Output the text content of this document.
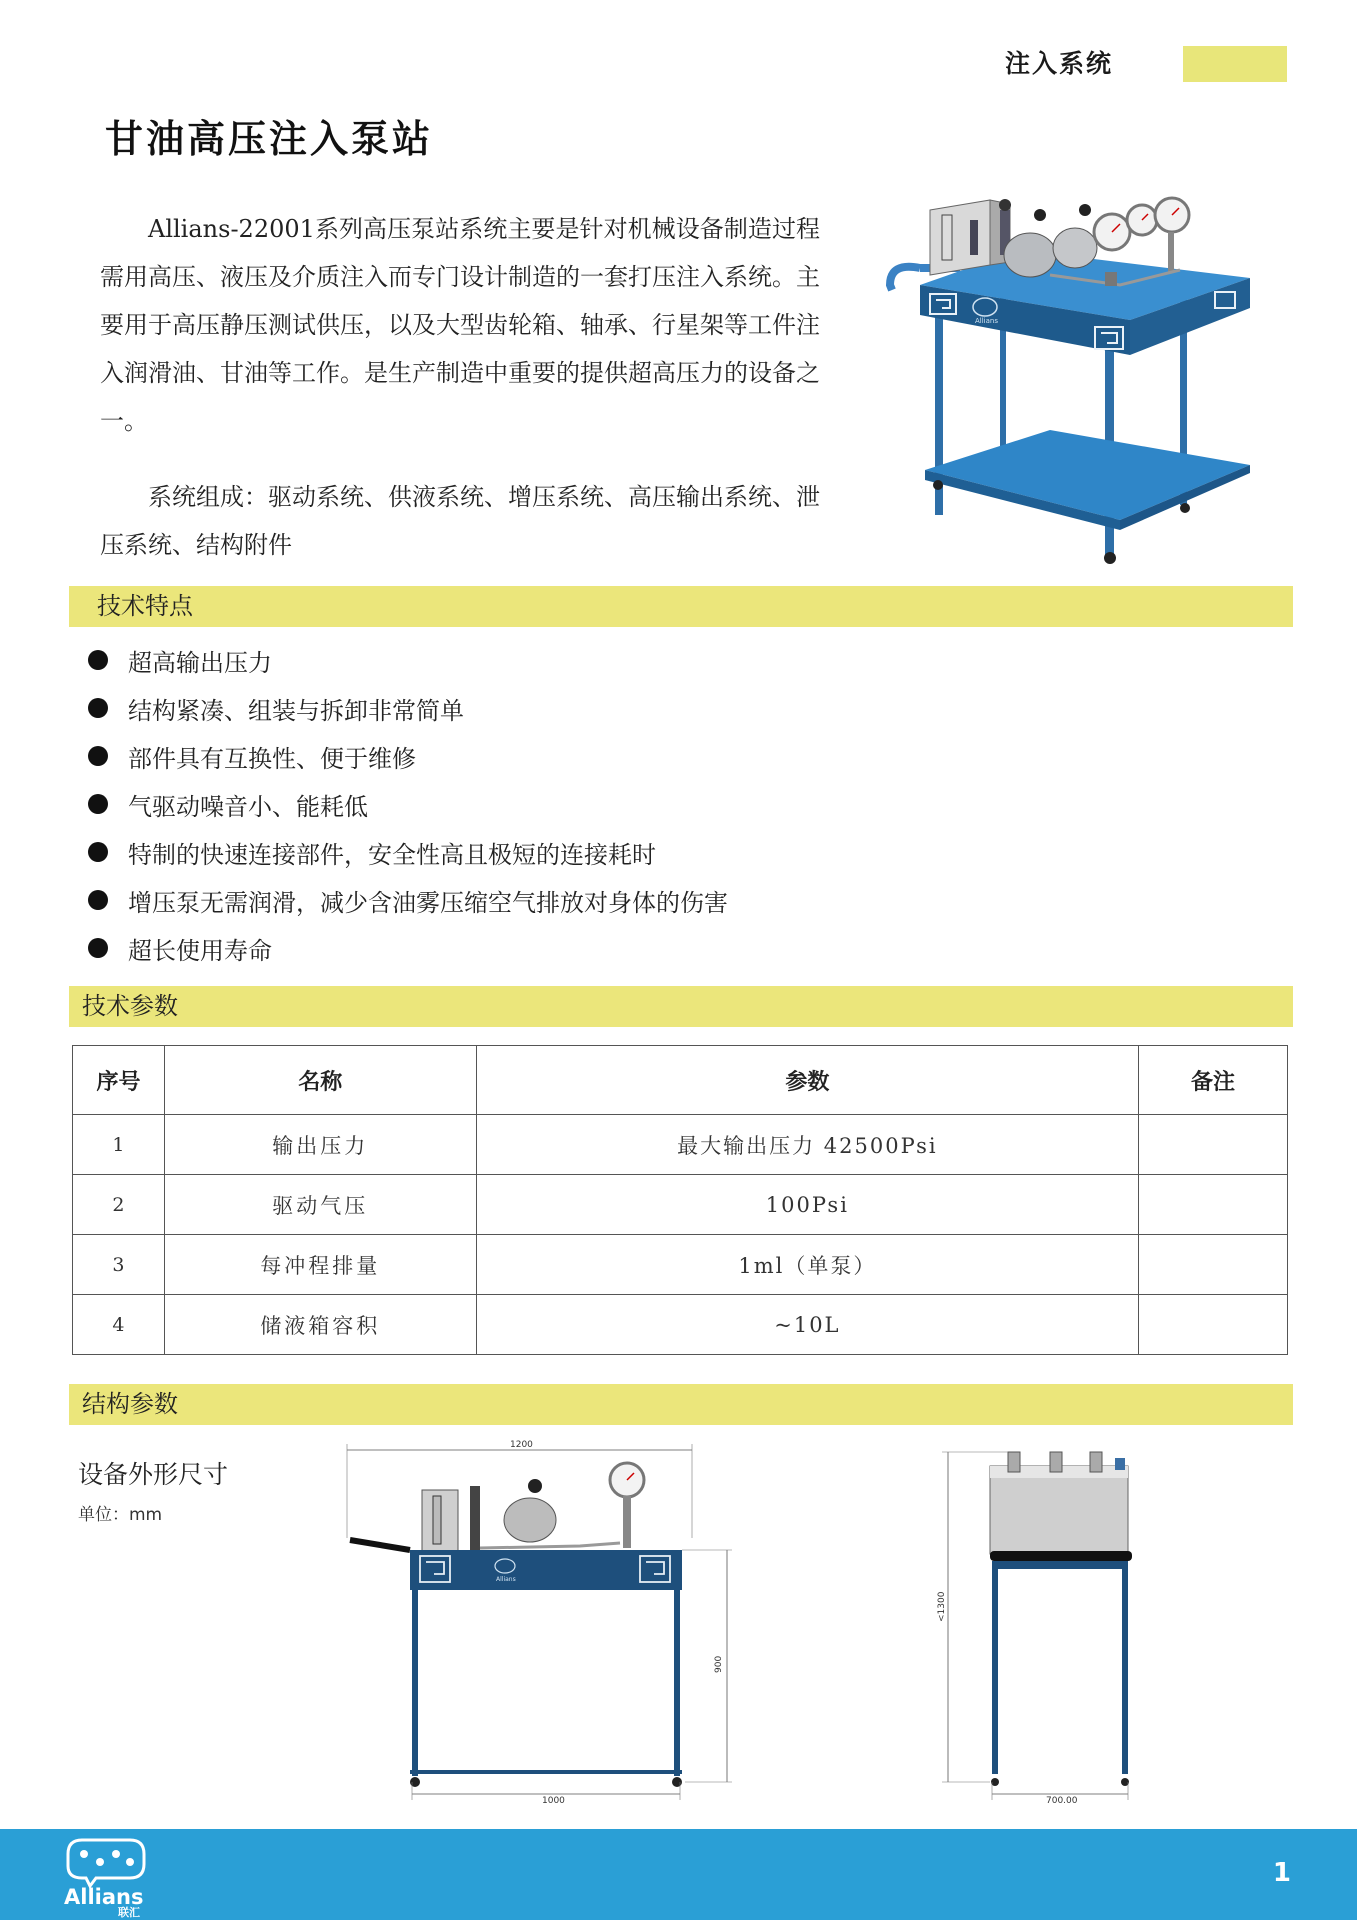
注入系统
甘油高压注入泵站

Allians-22001系列高压泵站系统主要是针对机械设备制造过程需用高压、液压及介质注入而专门设计制造的一套打压注入系统。主要用于高压静压测试供压，以及大型齿轮箱、轴承、行星架等工件注入润滑油、甘油等工作。是生产制造中重要的提供超高压力的设备之一。

系统组成：驱动系统、供液系统、增压系统、高压输出系统、泄压系统、结构附件

Allians
技术特点
超高输出压力
结构紧凑、组装与拆卸非常简单
部件具有互换性、便于维修
气驱动噪音小、能耗低
特制的快速连接部件，安全性高且极短的连接耗时
增压泵无需润滑，减少含油雾压缩空气排放对身体的伤害
超长使用寿命
技术参数
序号	名称	参数	备注
1	输出压力	最大输出压力 42500Psi	
2	驱动气压	100Psi	
3	每冲程排量	1ml（单泵）	
4	储液箱容积	~10L	
结构参数
设备外形尺寸
单位：mm
1200
Allians
900
1000
<1300
700.00
Allians
联汇
1
